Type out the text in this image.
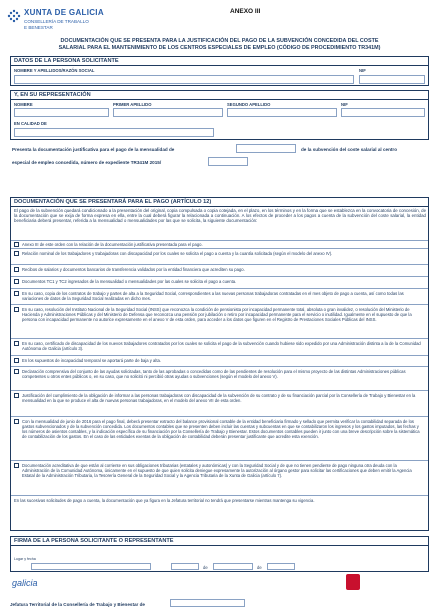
XUNTA DE GALICIA
CONSELLERÍA DE TRABALLO
E BENESTAR
ANEXO III
DOCUMENTACIÓN QUE SE PRESENTA PARA LA JUSTIFICACIÓN DEL PAGO DE LA SUBVENCIÓN CONCEDIDA DEL COSTE
SALARIAL PARA EL MANTENIMIENTO DE LOS CENTROS ESPECIALES DE EMPLEO (CÓDIGO DE PROCEDIMIENTO TR341M)
DATOS DE LA PERSONA SOLICITANTE
NOMBRE Y APELLIDOS/RAZÓN SOCIAL	NIF
Y, EN SU REPRESENTACIÓN
NOMBRE	PRIMER APELLIDO	SEGUNDO APELLIDO	NIF
EN CALIDAD DE
Presenta la documentación justificativa para el pago de la mensualidad de	de la subvención del coste salarial al centro
especial de empleo concedida, número de expediente TR341M 2015/
DOCUMENTACIÓN QUE SE PRESENTARÁ PARA EL PAGO (ARTÍCULO 12)
El pago de la subvención quedará condicionado a la presentación del original, copia compulsada o copia cotejada, en el plazo, en los términos y en la forma que se establezca en la convocatoria de concesión, de la documentación que se exija de forma expresa en ella, entre la cual deberá figurar la relacionada a continuación. A los efectos de proceder a los pagos a cuenta de la subvención del coste salarial, la entidad beneficiaria deberá presentar, referida a la mensualidad o mensualidades por las que se solicita, la siguiente documentación:
Anexo III de este orden con la relación de la documentación justificativa presentada para el pago.
Relación nominal de los trabajadores y trabajadoras con discapacidad por los cuales se solicita el pago a cuenta y la cuantía solicitada (según el modelo del anexo IV).
Recibos de salarios y documentos bancarios de transferencia validados por la entidad financiera que acrediten su pago.
Documentos TC1 y TC2 ingresados de la mensualidad o mensualidades por las cuales se solicita el pago a cuenta.
En su caso, copia de los contratos de trabajo y partes de alta a la Seguridad Social, correspondientes a las nuevas personas trabajadoras contratadas en el mes objeto de pago a cuenta, así como todas las variaciones de datos de la Seguridad Social realizadas en dicho mes.
En su caso, resolución del Instituto Nacional de la Seguridad Social (INSS) que reconozca la condición de pensionista por incapacidad permanente total, absoluta o gran invalidez, o resolución del Ministerio de Hacienda y Administraciones Públicas y del Ministerio de Defensa que reconozca una pensión por jubilación o retiro por incapacidad permanente para el servicio o inutilidad. Igualmente en el supuesto de que la persona con incapacidad permanente no autorice expresamente en el anexo V de esta orden, para acceder a los datos que figuren en el Registro de Prestaciones Sociales Públicas del INSS.
En su caso, certificado de discapacidad de los nuevos trabajadores contratados por los cuales se solicita el pago de la subvención cuando hubiese sido expedido por una Administración distinta a la de la Comunidad Autónoma de Galicia (artículo 3).
En los supuestos de incapacidad temporal se aportará parte de baja y alta.
Declaración comprensiva del conjunto de las ayudas solicitadas, tanto de las aprobadas o concedidas como de las pendientes de resolución para el mismo proyecto de las distintas Administraciones públicas competentes u otros entes públicos o, en su caso, que no solicitó ni percibió otras ayudas o subvenciones (según el modelo del anexo V).
Justificación del cumplimiento de la obligación de informar a las personas trabajadoras con discapacidad de la subvención de su contrato y de su financiación parcial por la Consellería de Trabajo y Bienestar en la mensualidad en la que se produce el alta de nuevas personas trabajadoras, en el modelo del anexo VII de esta orden.
Con la mensualidad de junio de 2016 para el pago final, deberá presentar extracto del balance provisional contable de la entidad beneficiaria firmado y sellado que permita verificar la contabilidad separada de los gastos subvencionados y de la subvención concedida. Los documentos contables que se presenten deben incluir las cuentas y subcuentas en que se contabilizaron los ingresos y los gastos imputados, las fechas y los números de asientos contables, y la indicación específica de su financiación por la Consellería de Trabajo y Bienestar. Estos documentos contables pueden ir junto con una breve descripción sobre la sistemática de contabilización de los gastos. En el caso de las entidades exentas de la obligación de contabilidad deberán presentar justificante que acredite esta exención.
Documentación acreditativa de que están al corriente en sus obligaciones tributarias (estatales y autonómicas) y con la Seguridad Social y de que no tienen pendiente de pago ninguna otra deuda con la Administración de la Comunidad Autónoma, únicamente en el supuesto de que quien solicita deniegue expresamente la autorización al órgano gestor para solicitar las certificaciones que deben emitir la Agencia Estatal de la Administración Tributaria, la Tesorería General de la Seguridad Social y la Agencia Tributaria de la Xunta de Galicia (artículo 7).
En las sucesivas solicitudes de pago a cuenta, la documentación que ya figura en la Jefatura territorial no tendrá que presentarse mientras mantenga su vigencia.
FIRMA DE LA PERSONA SOLICITANTE O REPRESENTANTE
Lugar y fecha
de	de
galicia
Jefatura Territorial de la Consellería de Trabajo y Bienestar de
